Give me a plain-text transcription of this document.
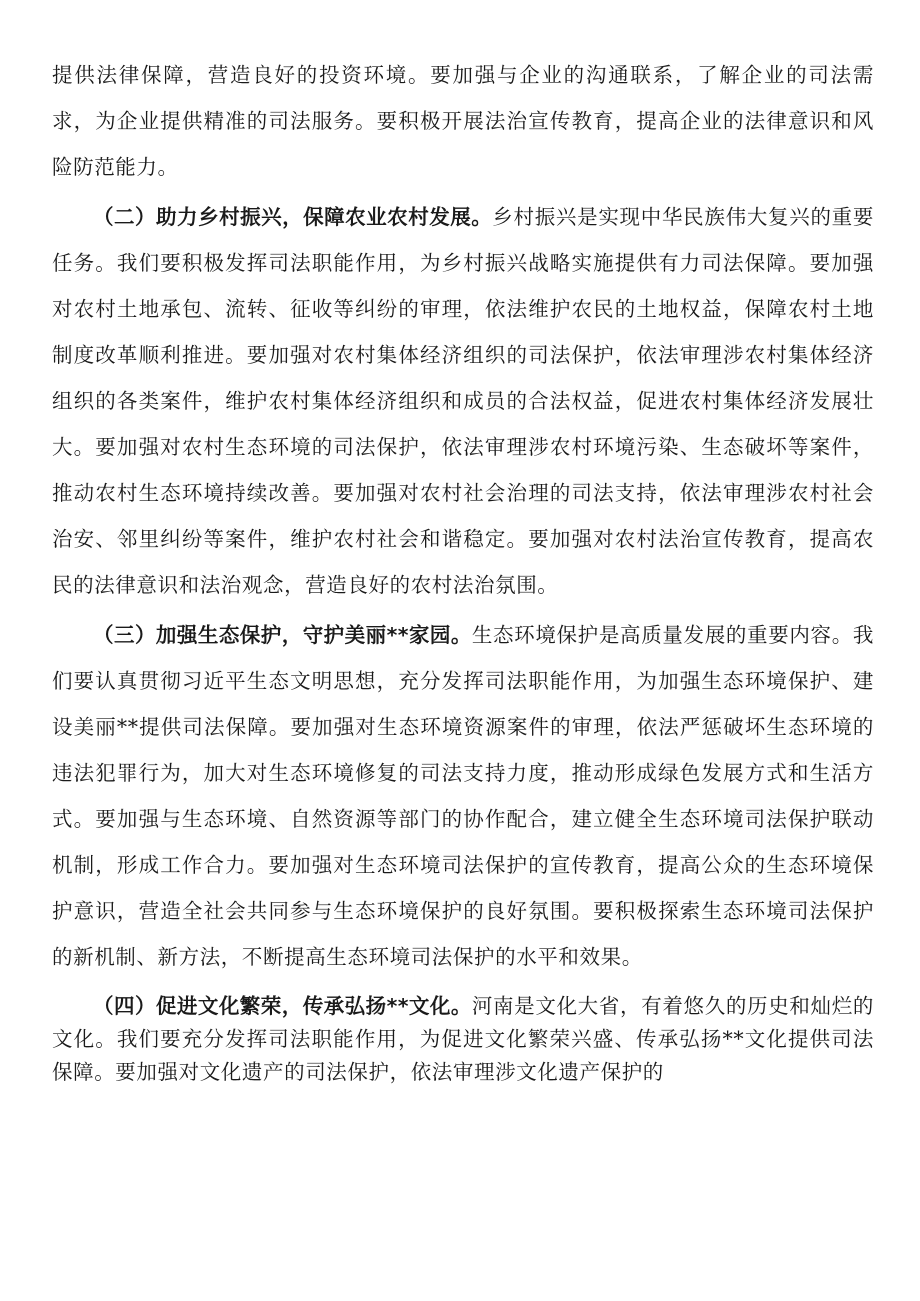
提供法律保障，营造良好的投资环境。要加强与企业的沟通联系，了解企业的司法需求，为企业提供精准的司法服务。要积极开展法治宣传教育，提高企业的法律意识和风险防范能力。

（二）助力乡村振兴，保障农业农村发展。乡村振兴是实现中华民族伟大复兴的重要任务。我们要积极发挥司法职能作用，为乡村振兴战略实施提供有力司法保障。要加强对农村土地承包、流转、征收等纠纷的审理，依法维护农民的土地权益，保障农村土地制度改革顺利推进。要加强对农村集体经济组织的司法保护，依法审理涉农村集体经济组织的各类案件，维护农村集体经济组织和成员的合法权益，促进农村集体经济发展壮大。要加强对农村生态环境的司法保护，依法审理涉农村环境污染、生态破坏等案件，推动农村生态环境持续改善。要加强对农村社会治理的司法支持，依法审理涉农村社会治安、邻里纠纷等案件，维护农村社会和谐稳定。要加强对农村法治宣传教育，提高农民的法律意识和法治观念，营造良好的农村法治氛围。

（三）加强生态保护，守护美丽**家园。生态环境保护是高质量发展的重要内容。我们要认真贯彻习近平生态文明思想，充分发挥司法职能作用，为加强生态环境保护、建设美丽**提供司法保障。要加强对生态环境资源案件的审理，依法严惩破坏生态环境的违法犯罪行为，加大对生态环境修复的司法支持力度，推动形成绿色发展方式和生活方式。要加强与生态环境、自然资源等部门的协作配合，建立健全生态环境司法保护联动机制，形成工作合力。要加强对生态环境司法保护的宣传教育，提高公众的生态环境保护意识，营造全社会共同参与生态环境保护的良好氛围。要积极探索生态环境司法保护的新机制、新方法，不断提高生态环境司法保护的水平和效果。

（四）促进文化繁荣，传承弘扬**文化。河南是文化大省，有着悠久的历史和灿烂的文化。我们要充分发挥司法职能作用，为促进文化繁荣兴盛、传承弘扬**文化提供司法保障。要加强对文化遗产的司法保护，依法审理涉文化遗产保护的
